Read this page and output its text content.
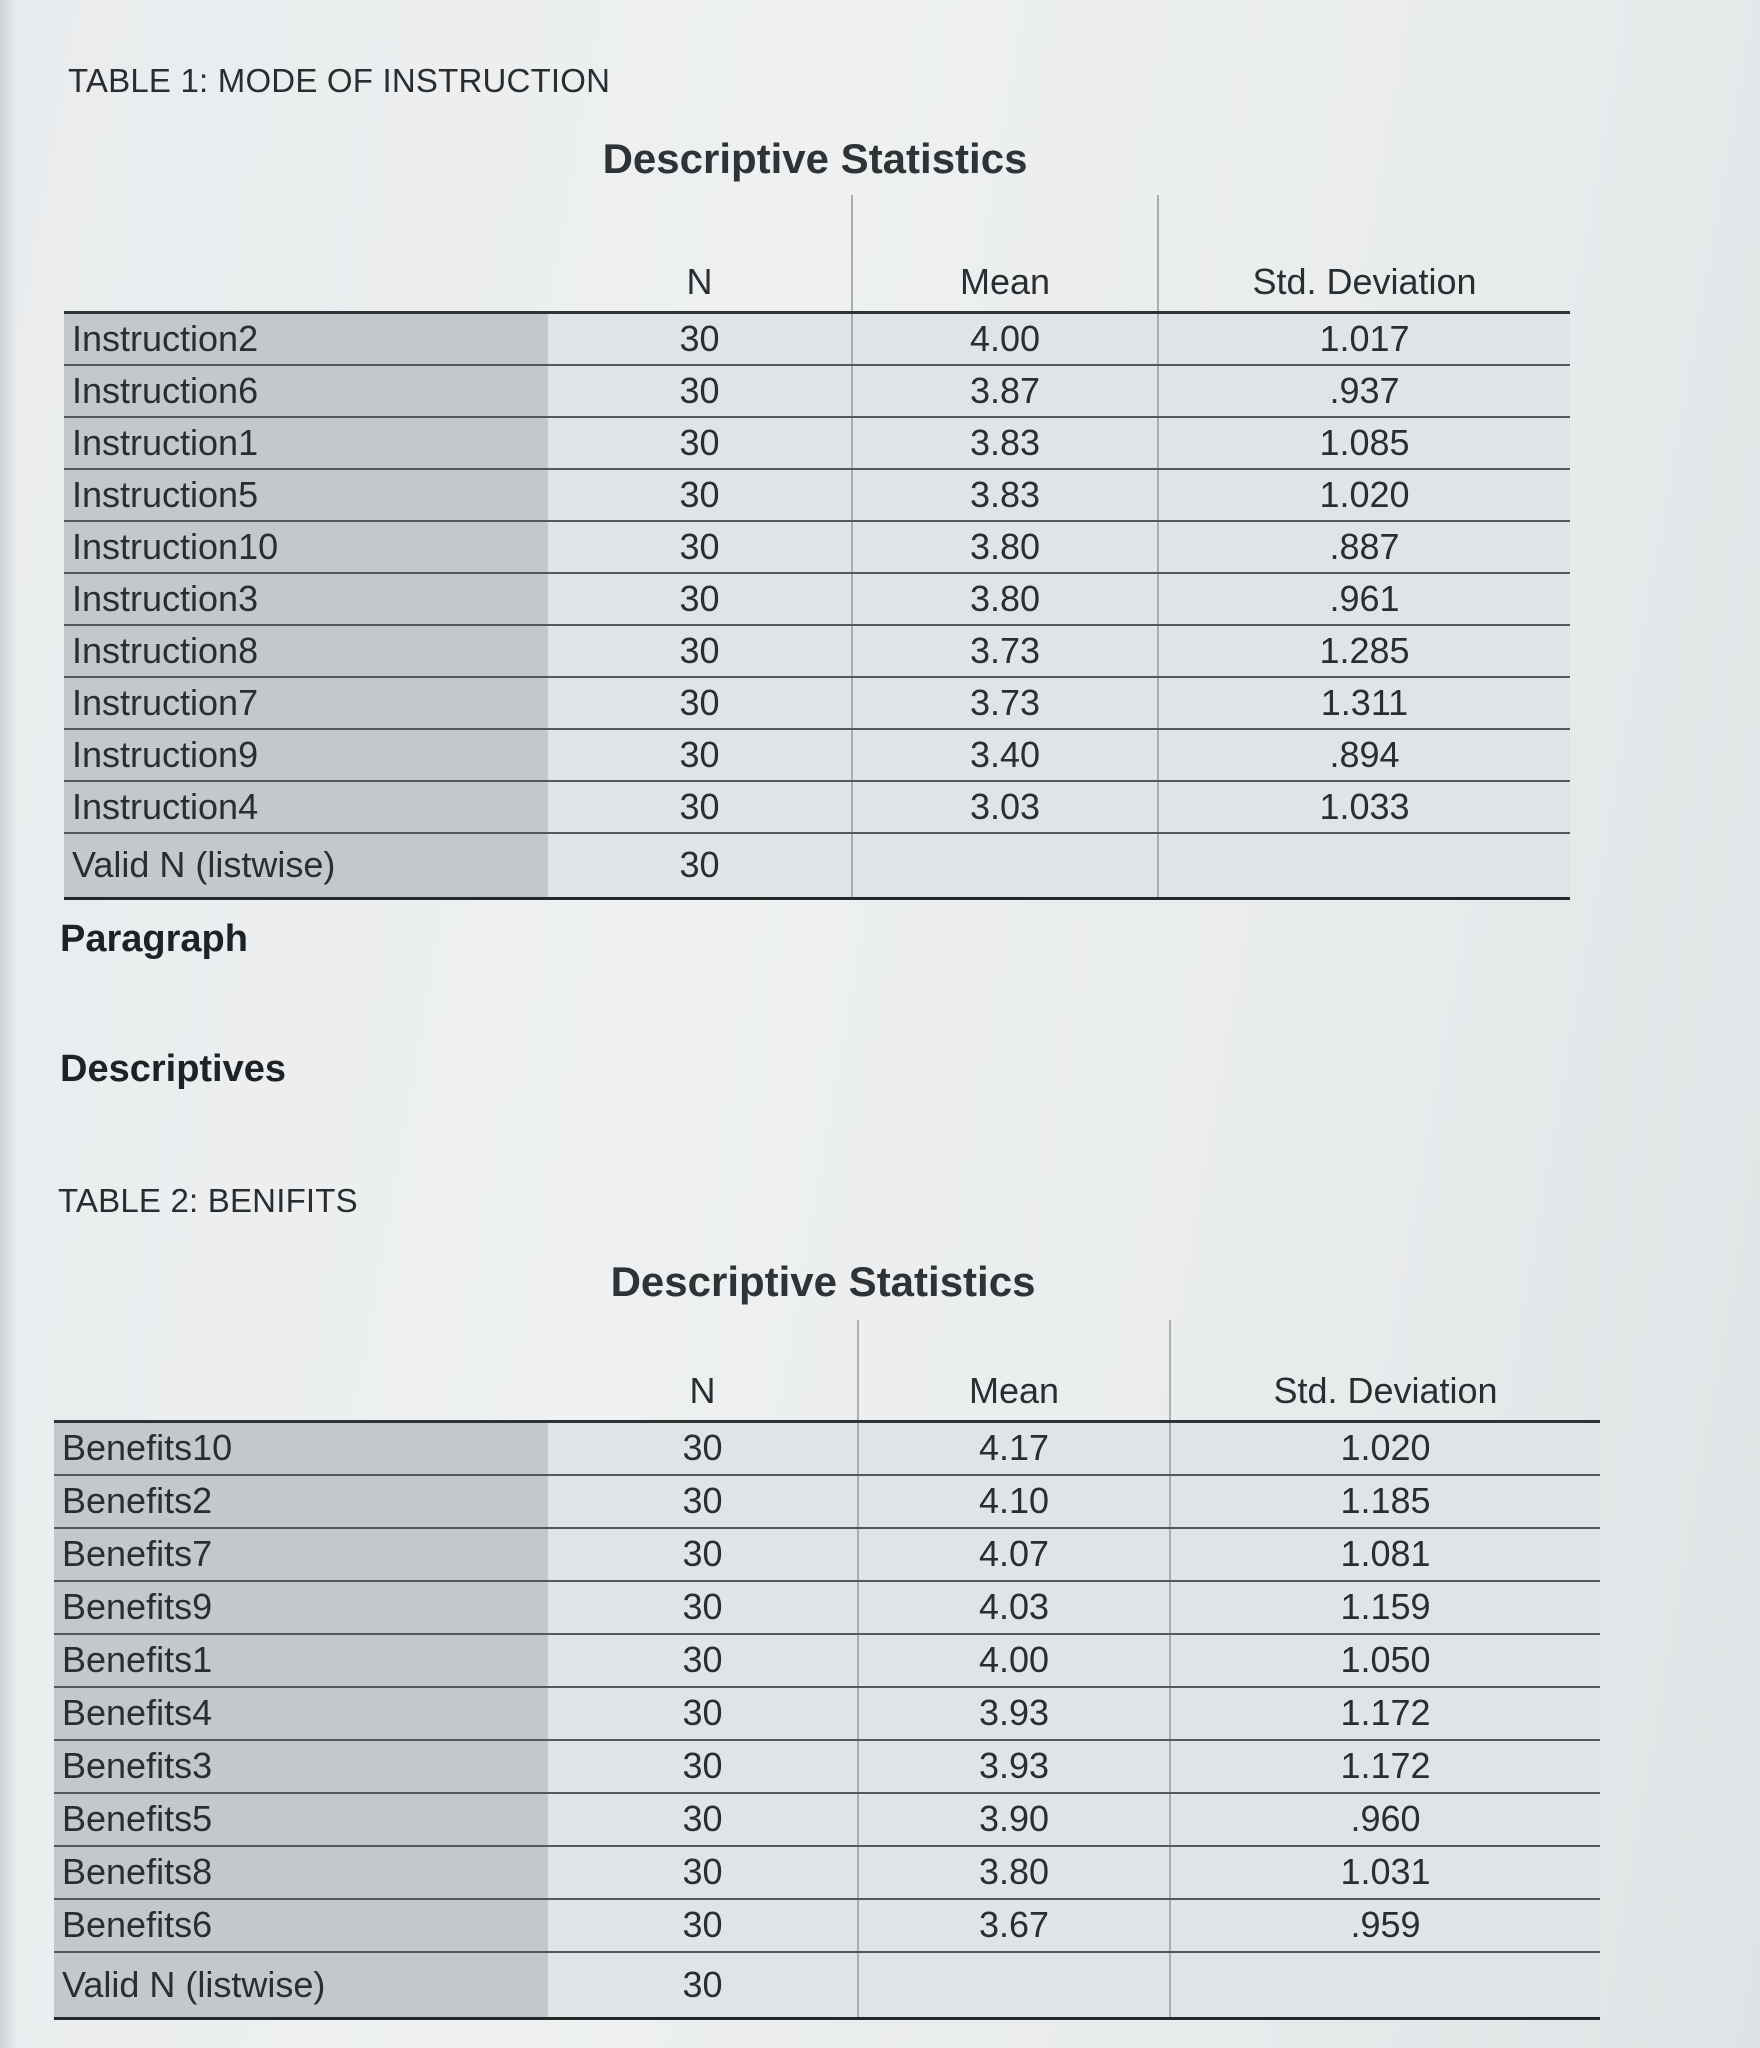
TABLE 1: MODE OF INSTRUCTION
Descriptive Statistics

	N	Mean	Std. Deviation
Instruction2	30	4.00	1.017
Instruction6	30	3.87	.937
Instruction1	30	3.83	1.085
Instruction5	30	3.83	1.020
Instruction10	30	3.80	.887
Instruction3	30	3.80	.961
Instruction8	30	3.73	1.285
Instruction7	30	3.73	1.311
Instruction9	30	3.40	.894
Instruction4	30	3.03	1.033
Valid N (listwise)	30		
Paragraph
Descriptives
TABLE 2: BENIFITS
Descriptive Statistics

	N	Mean	Std. Deviation
Benefits10	30	4.17	1.020
Benefits2	30	4.10	1.185
Benefits7	30	4.07	1.081
Benefits9	30	4.03	1.159
Benefits1	30	4.00	1.050
Benefits4	30	3.93	1.172
Benefits3	30	3.93	1.172
Benefits5	30	3.90	.960
Benefits8	30	3.80	1.031
Benefits6	30	3.67	.959
Valid N (listwise)	30		
